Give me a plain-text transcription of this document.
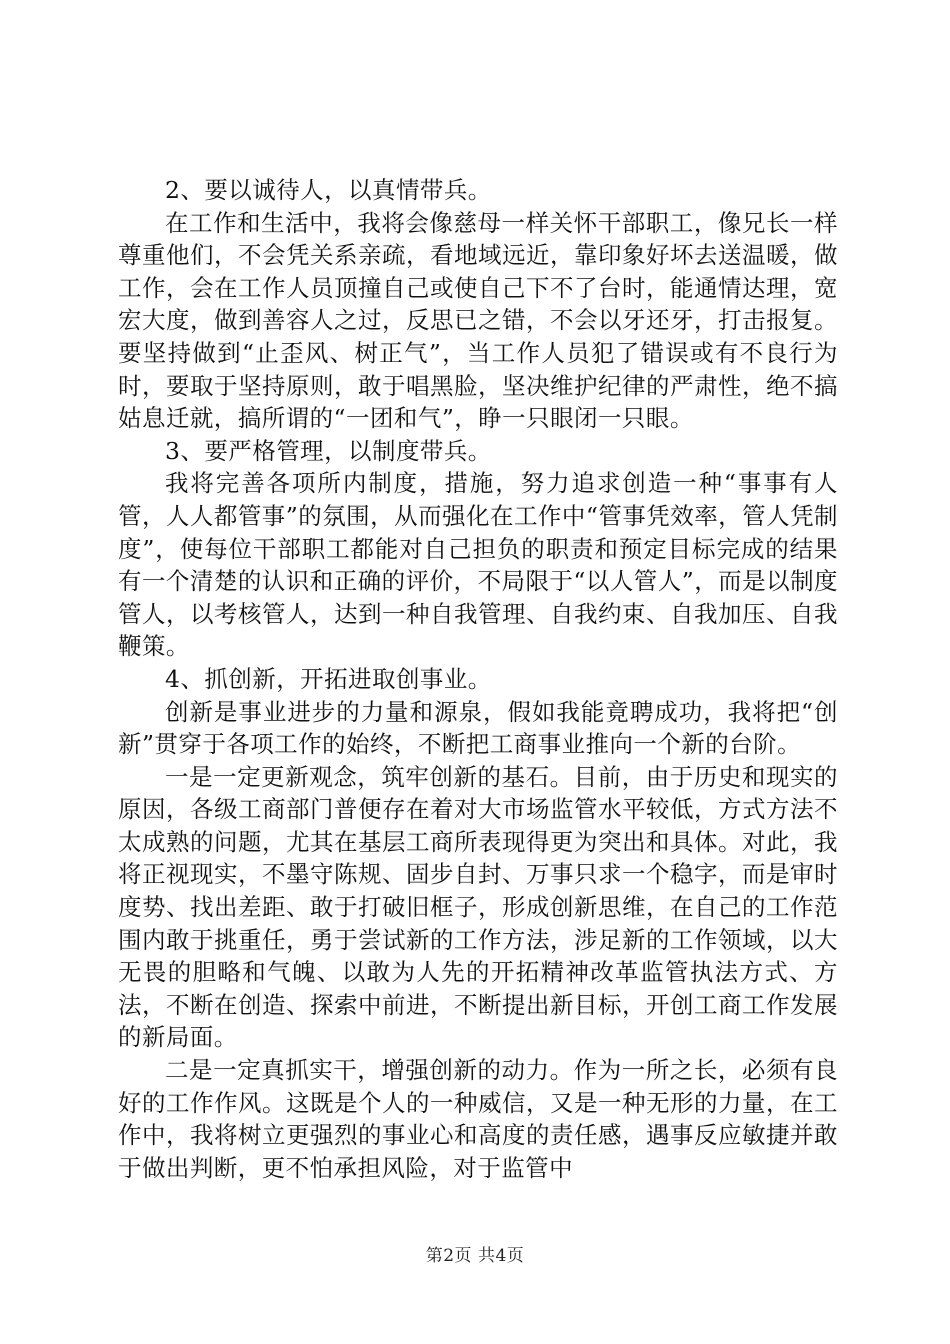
2、要以诚待人，以真情带兵。

在工作和生活中，我将会像慈母一样关怀干部职工，像兄长一样尊重他们，不会凭关系亲疏，看地域远近，靠印象好坏去送温暖，做工作，会在工作人员顶撞自己或使自己下不了台时，能通情达理，宽宏大度，做到善容人之过，反思已之错，不会以牙还牙，打击报复。要坚持做到“止歪风、树正气”，当工作人员犯了错误或有不良行为时，要取于坚持原则，敢于唱黑脸，坚决维护纪律的严肃性，绝不搞姑息迁就，搞所谓的“一团和气”，睁一只眼闭一只眼。

3、要严格管理，以制度带兵。

我将完善各项所内制度，措施，努力追求创造一种“事事有人管，人人都管事”的氛围，从而强化在工作中“管事凭效率，管人凭制度”，使每位干部职工都能对自己担负的职责和预定目标完成的结果有一个清楚的认识和正确的评价，不局限于“以人管人”，而是以制度管人，以考核管人，达到一种自我管理、自我约束、自我加压、自我鞭策。

4、抓创新，开拓进取创事业。

创新是事业进步的力量和源泉，假如我能竟聘成功，我将把“创新”贯穿于各项工作的始终，不断把工商事业推向一个新的台阶。

一是一定更新观念，筑牢创新的基石。目前，由于历史和现实的原因，各级工商部门普便存在着对大市场监管水平较低，方式方法不太成熟的问题，尤其在基层工商所表现得更为突出和具体。对此，我将正视现实，不墨守陈规、固步自封、万事只求一个稳字，而是审时度势、找出差距、敢于打破旧框子，形成创新思维，在自己的工作范围内敢于挑重任，勇于尝试新的工作方法，涉足新的工作领域，以大无畏的胆略和气魄、以敢为人先的开拓精神改革监管执法方式、方法，不断在创造、探索中前进，不断提出新目标，开创工商工作发展的新局面。

二是一定真抓实干，增强创新的动力。作为一所之长，必须有良好的工作作风。这既是个人的一种威信，又是一种无形的力量，在工作中，我将树立更强烈的事业心和高度的责任感，遇事反应敏捷并敢于做出判断，更不怕承担风险，对于监管中

第2页 共4页
